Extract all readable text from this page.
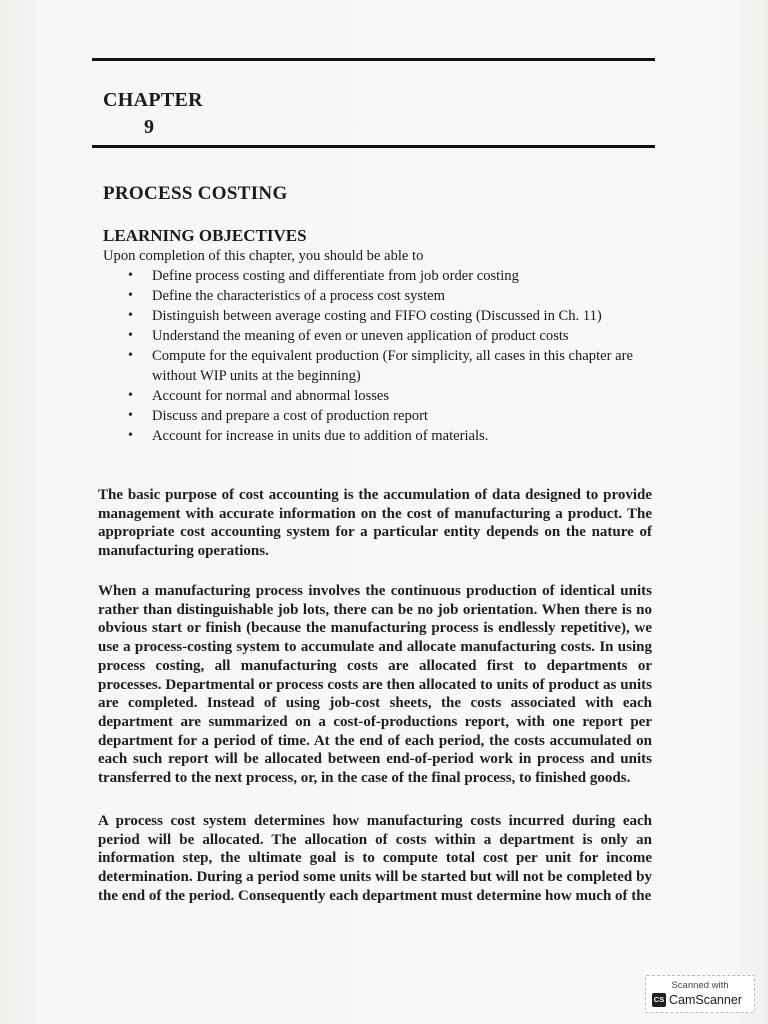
CHAPTER
9
PROCESS COSTING
LEARNING OBJECTIVES
Upon completion of this chapter, you should be able to
• Define process costing and differentiate from job order costing
• Define the characteristics of a process cost system
• Distinguish between average costing and FIFO costing (Discussed in Ch. 11)
• Understand the meaning of even or uneven application of product costs
• Compute for the equivalent production (For simplicity, all cases in this chapter are without WIP units at the beginning)
• Account for normal and abnormal losses
• Discuss and prepare a cost of production report
• Account for increase in units due to addition of materials.

The basic purpose of cost accounting is the accumulation of data designed to provide management with accurate information on the cost of manufacturing a product. The appropriate cost accounting system for a particular entity depends on the nature of manufacturing operations.

When a manufacturing process involves the continuous production of identical units rather than distinguishable job lots, there can be no job orientation. When there is no obvious start or finish (because the manufacturing process is endlessly repetitive), we use a process-costing system to accumulate and allocate manufacturing costs. In using process costing, all manufacturing costs are allocated first to departments or processes. Departmental or process costs are then allocated to units of product as units are completed. Instead of using job-cost sheets, the costs associated with each department are summarized on a cost-of-productions report, with one report per department for a period of time. At the end of each period, the costs accumulated on each such report will be allocated between end-of-period work in process and units transferred to the next process, or, in the case of the final process, to finished goods.

A process cost system determines how manufacturing costs incurred during each period will be allocated. The allocation of costs within a department is only an information step, the ultimate goal is to compute total cost per unit for income determination. During a period some units will be started but will not be completed by the end of the period. Consequently each department must determine how much of the

Scanned with
CS CamScanner
